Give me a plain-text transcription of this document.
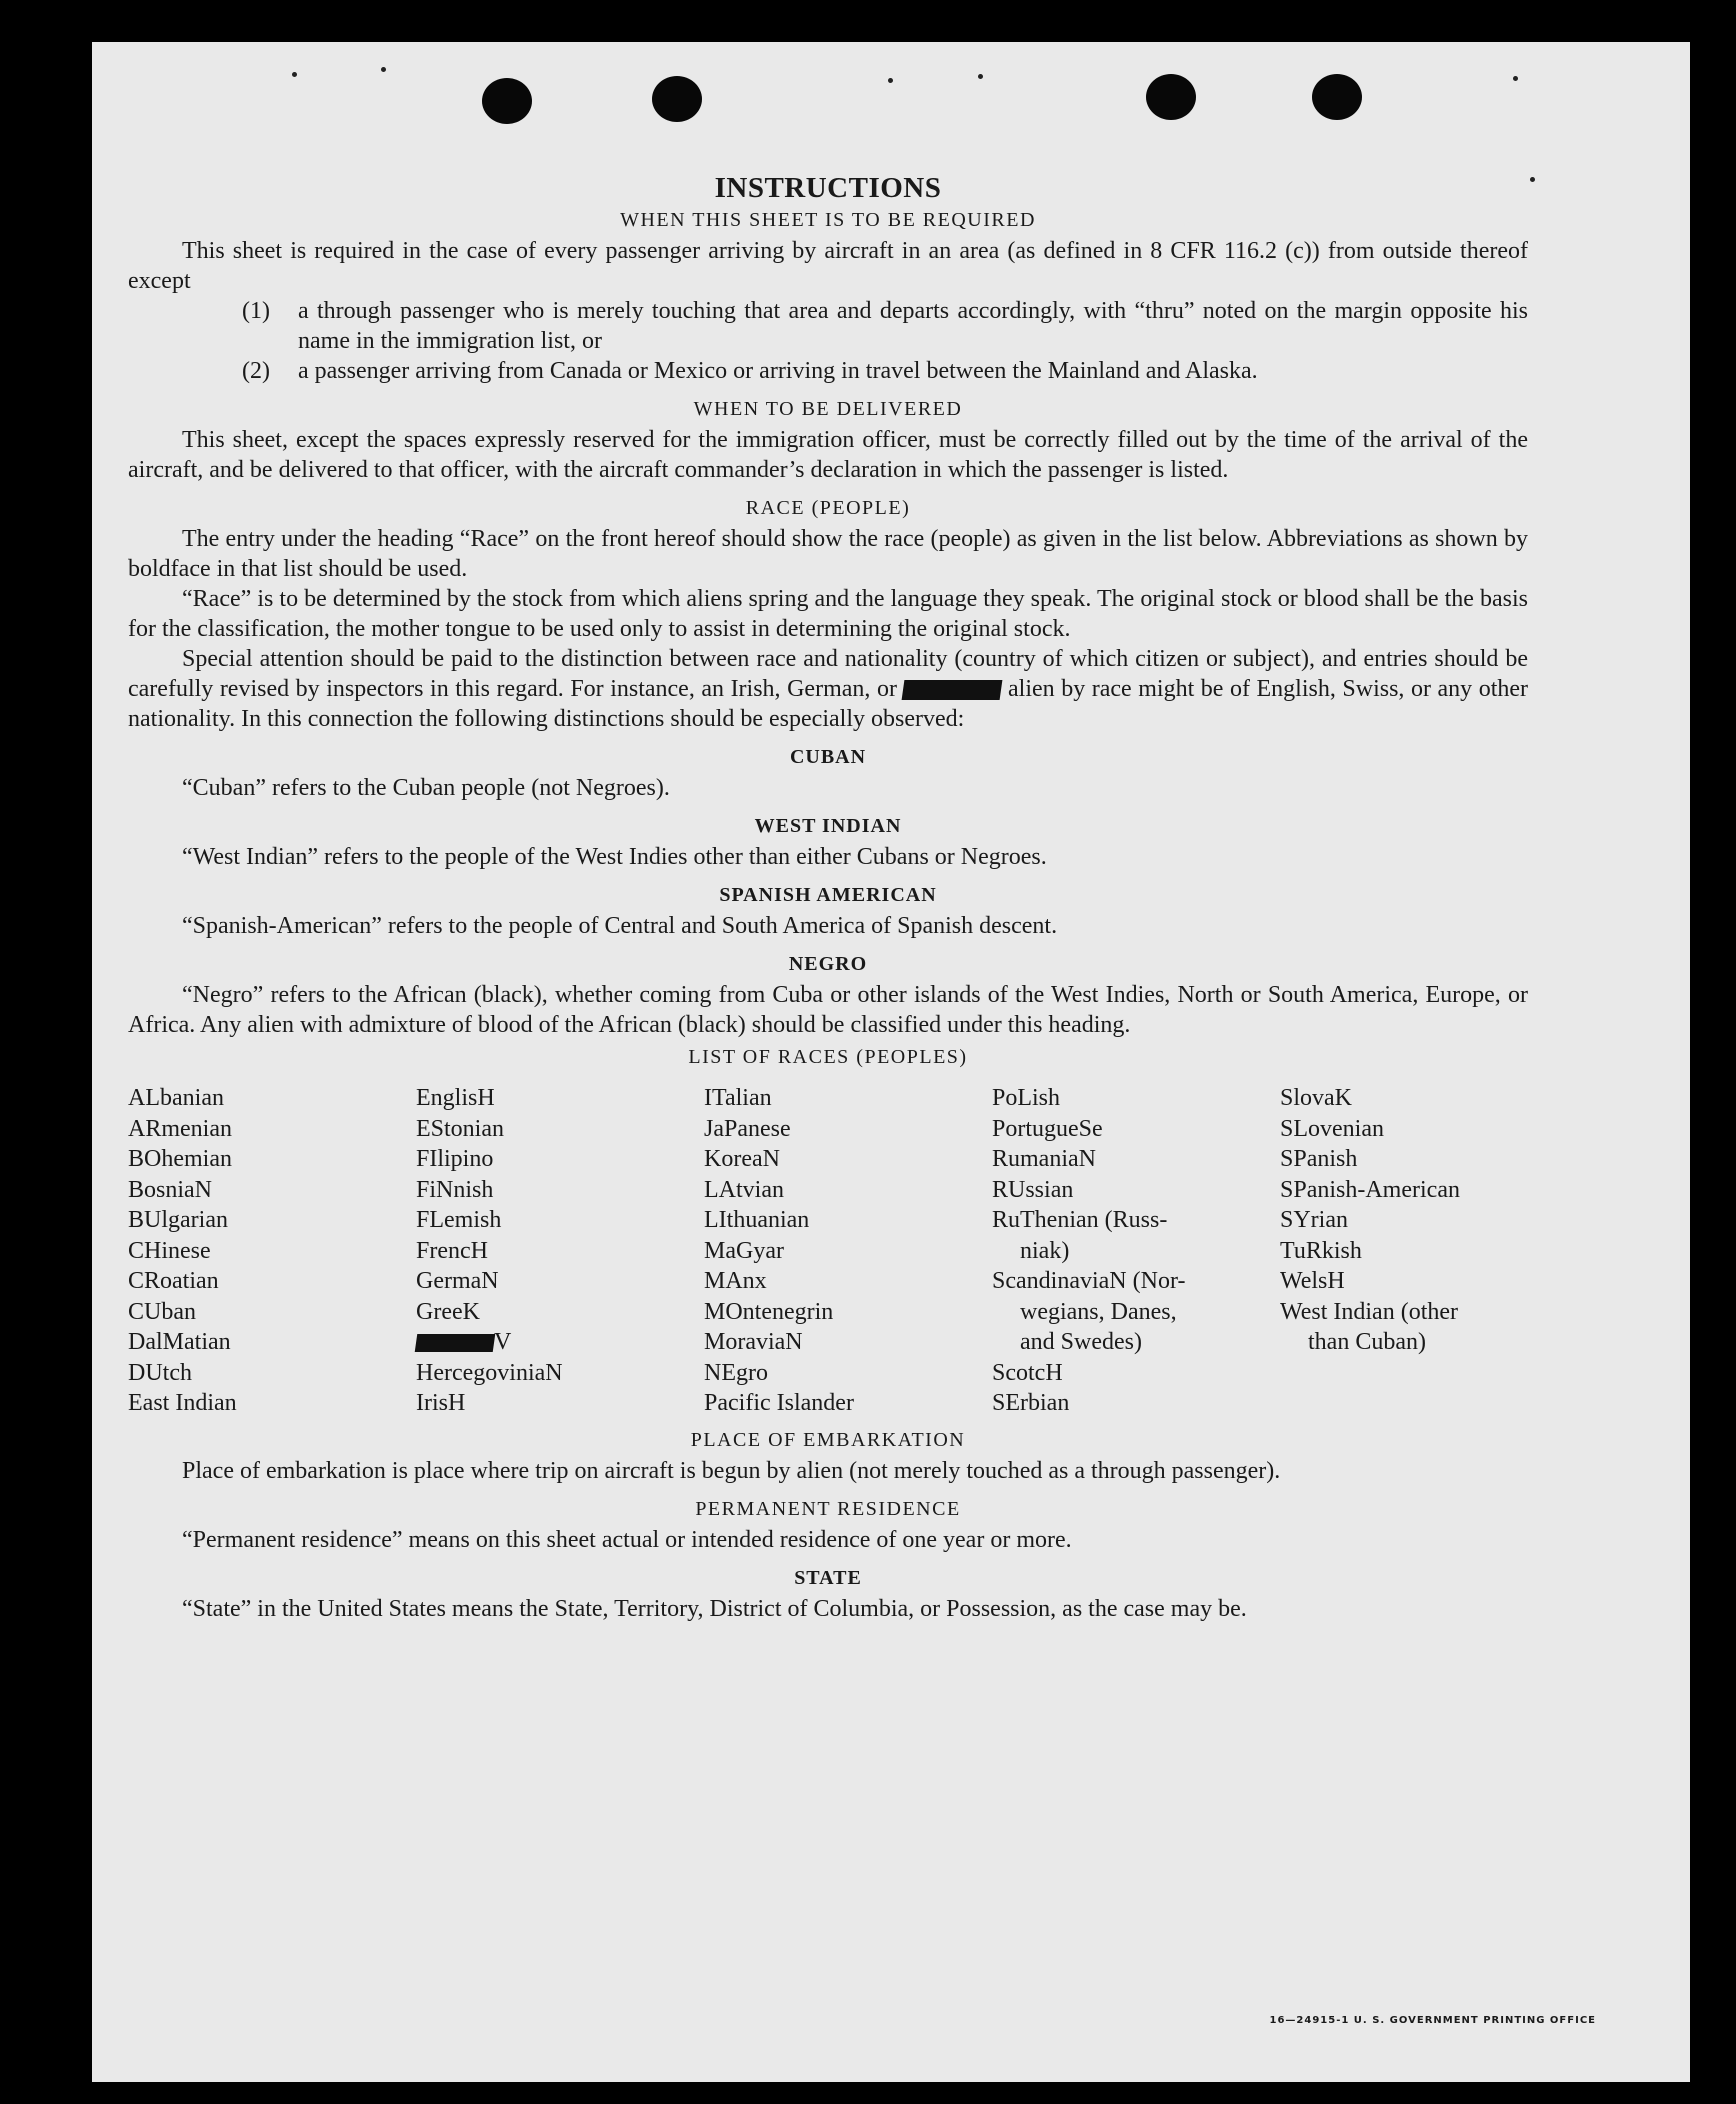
INSTRUCTIONS
WHEN THIS SHEET IS TO BE REQUIRED

This sheet is required in the case of every passenger arriving by aircraft in an area (as defined in 8 CFR 116.2 (c)) from outside thereof except

(1)	a through passenger who is merely touching that area and departs accordingly, with “thru” noted on the margin opposite his name in the immigration list, or
(2)	a passenger arriving from Canada or Mexico or arriving in travel between the Mainland and Alaska.
WHEN TO BE DELIVERED

This sheet, except the spaces expressly reserved for the immigration officer, must be correctly filled out by the time of the arrival of the aircraft, and be delivered to that officer, with the aircraft commander’s declaration in which the passenger is listed.

RACE (PEOPLE)

The entry under the heading “Race” on the front hereof should show the race (people) as given in the list below. Abbreviations as shown by boldface in that list should be used.

“Race” is to be determined by the stock from which aliens spring and the language they speak. The original stock or blood shall be the basis for the classification, the mother tongue to be used only to assist in determining the original stock.

Special attention should be paid to the distinction between race and nationality (country of which citizen or subject), and entries should be carefully revised by inspectors in this regard. For instance, an Irish, German, or	alien by race might be of English, Swiss, or any other nationality. In this connection the following distinctions should be especially observed:

CUBAN

“Cuban” refers to the Cuban people (not Negroes).

WEST INDIAN

“West Indian” refers to the people of the West Indies other than either Cubans or Negroes.

SPANISH AMERICAN

“Spanish-American” refers to the people of Central and South America of Spanish descent.

NEGRO

“Negro” refers to the African (black), whether coming from Cuba or other islands of the West Indies, North or South America, Europe, or Africa. Any alien with admixture of blood of the African (black) should be classified under this heading.

LIST OF RACES (PEOPLES)
ALbanian
ARmenian
BOhemian
BosniaN
BUlgarian
CHinese
CRoatian
CUban
DalMatian
DUtch
East Indian
EnglisH
EStonian
FIlipino
FiNnish
FLemish
FrencH
GermaN
GreeK
V
HercegoviniaN
IrisH
ITalian
JaPanese
KoreaN
LAtvian
LIthuanian
MaGyar
MAnx
MOntenegrin
MoraviaN
NEgro
Pacific Islander
PoLish
PortugueSe
RumaniaN
RUssian
RuThenian (Russ-
niak)
ScandinaviaN (Nor-
wegians, Danes,
and Swedes)
ScotcH
SErbian
SlovaK
SLovenian
SPanish
SPanish-American
SYrian
TuRkish
WelsH
West Indian (other
than Cuban)
PLACE OF EMBARKATION

Place of embarkation is place where trip on aircraft is begun by alien (not merely touched as a through passenger).

PERMANENT RESIDENCE

“Permanent residence” means on this sheet actual or intended residence of one year or more.

STATE

“State” in the United States means the State, Territory, District of Columbia, or Possession, as the case may be.

16—24915-1 U. S. GOVERNMENT PRINTING OFFICE
